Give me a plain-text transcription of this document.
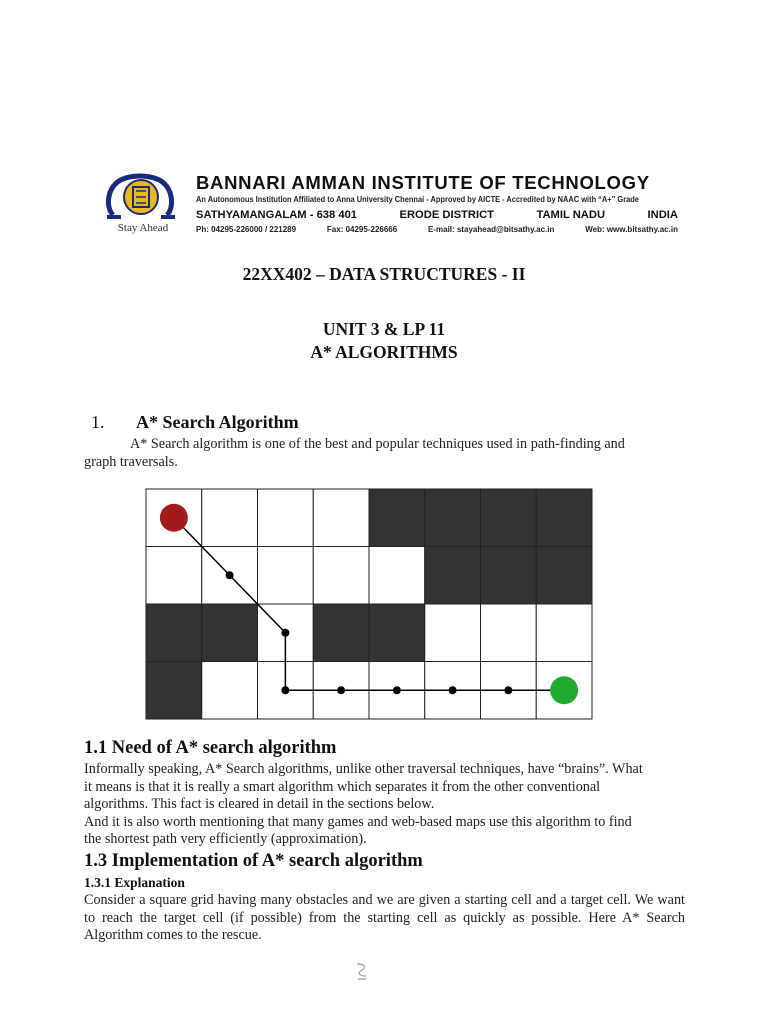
Stay Ahead
BANNARI AMMAN INSTITUTE OF TECHNOLOGY
An Autonomous Institution Affiliated to Anna University Chennai - Approved by AICTE - Accredited by NAAC with “A+” Grade
SATHYAMANGALAM - 638 401	ERODE DISTRICT	TAMIL NADU	INDIA
Ph: 04295-226000 / 221289	Fax: 04295-226666	E-mail: stayahead@bitsathy.ac.in	Web: www.bitsathy.ac.in
22XX402 – DATA STRUCTURES - II
UNIT 3 & LP 11
A* ALGORITHMS
1. A* Search Algorithm
A* Search algorithm is one of the best and popular techniques used in path-finding and
graph traversals.
1.1 Need of A* search algorithm
Informally speaking, A* Search algorithms, unlike other traversal techniques, have “brains”. What
it means is that it is really a smart algorithm which separates it from the other conventional
algorithms. This fact is cleared in detail in the sections below.
And it is also worth mentioning that many games and web-based maps use this algorithm to find
the shortest path very efficiently (approximation).
1.3 Implementation of A* search algorithm
1.3.1 Explanation
Consider a square grid having many obstacles and we are given a starting cell and a target cell. We want to reach the target cell (if possible) from the starting cell as quickly as possible. Here A* Search Algorithm comes to the rescue.
